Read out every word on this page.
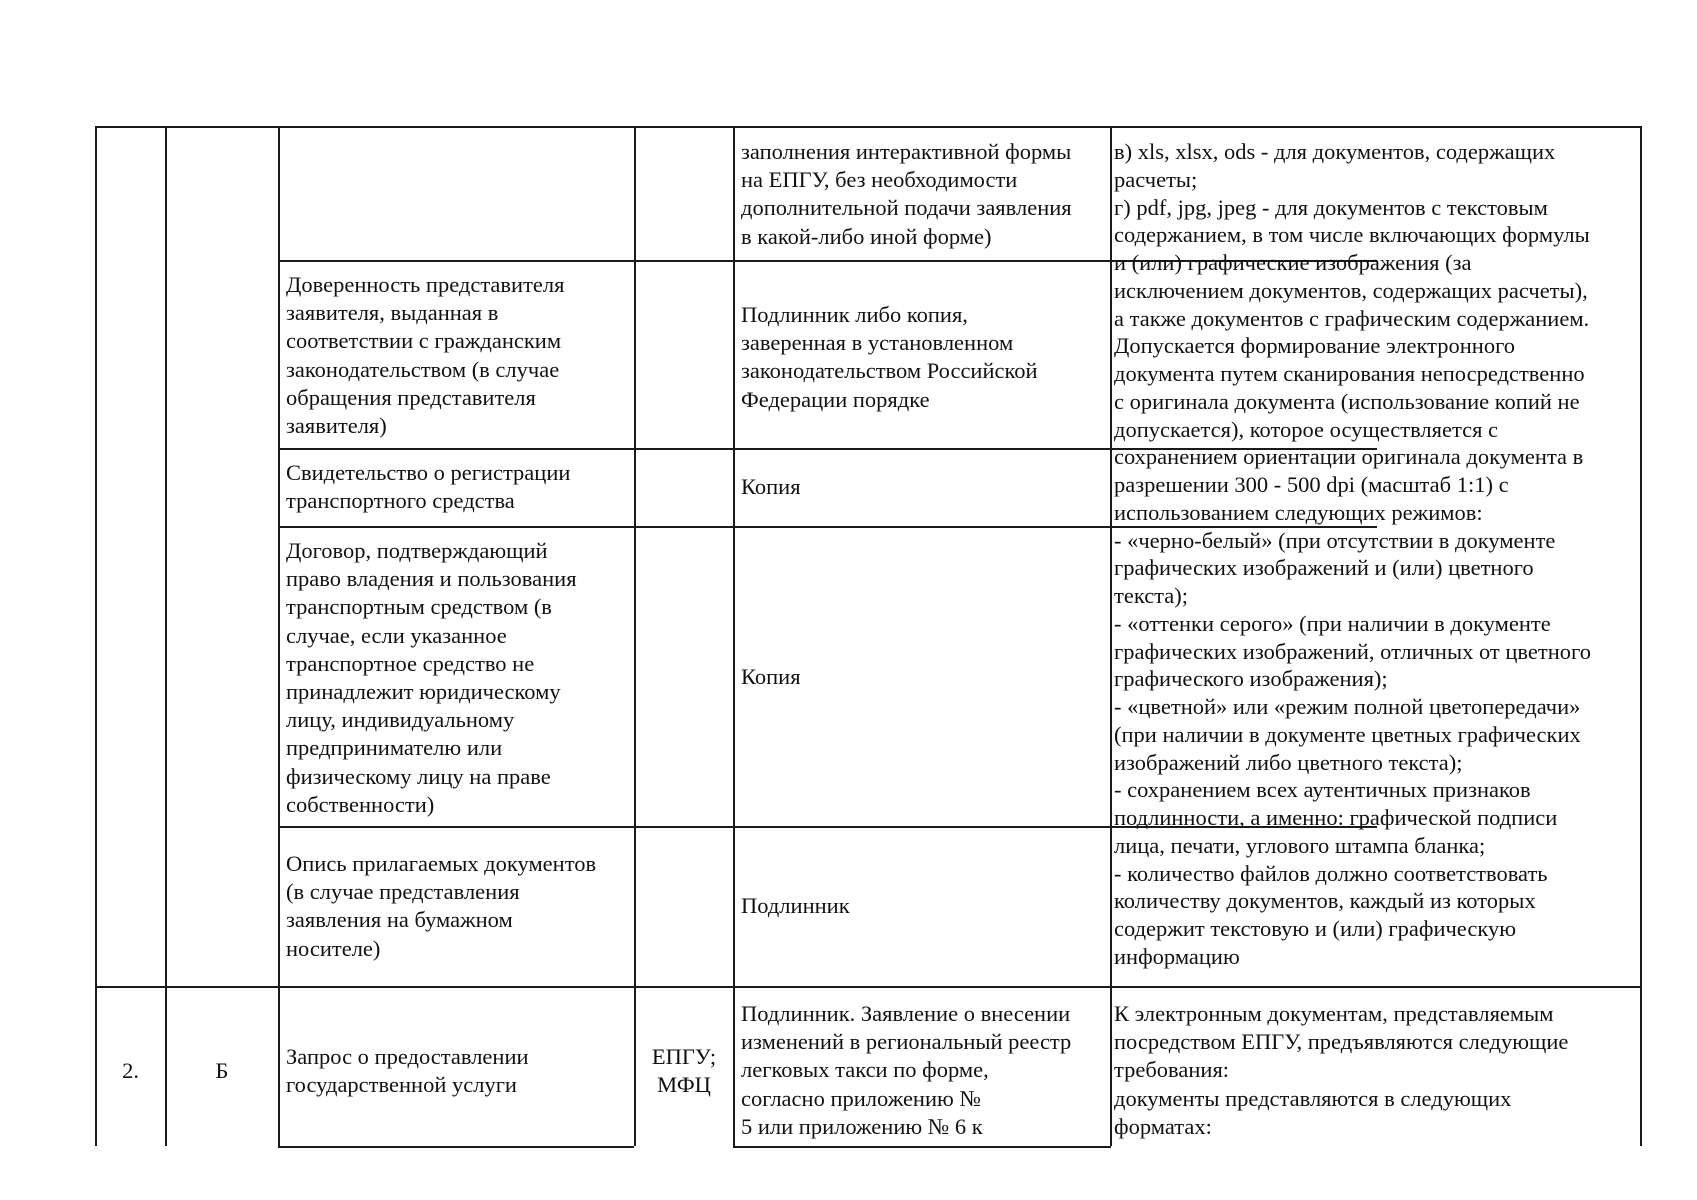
Доверенность представителя
заявителя, выданная в
соответствии с гражданским
законодательством (в случае
обращения представителя
заявителя)
Свидетельство о регистрации
транспортного средства
Договор, подтверждающий
право владения и пользования
транспортным средством (в
случае, если указанное
транспортное средство не
принадлежит юридическому
лицу, индивидуальному
предпринимателю или
физическому лицу на праве
собственности)
Опись прилагаемых документов
(в случае представления
заявления на бумажном
носителе)
заполнения интерактивной формы
на ЕПГУ, без необходимости
дополнительной подачи заявления
в какой-либо иной форме)
Подлинник либо копия,
заверенная в установленном
законодательством Российской
Федерации порядке
Копия
Копия
Подлинник
в) xls, xlsx, ods - для документов, содержащих
расчеты;
г) pdf, jpg, jpeg - для документов с текстовым
содержанием, в том числе включающих формулы
и (или) графические изображения (за
исключением документов, содержащих расчеты),
а также документов с графическим содержанием.
Допускается формирование электронного
документа путем сканирования непосредственно
с оригинала документа (использование копий не
допускается), которое осуществляется с
сохранением ориентации оригинала документа в
разрешении 300 - 500 dpi (масштаб 1:1) с
использованием следующих режимов:
- «черно-белый» (при отсутствии в документе
графических изображений и (или) цветного
текста);
- «оттенки серого» (при наличии в документе
графических изображений, отличных от цветного
графического изображения);
- «цветной» или «режим полной цветопередачи»
(при наличии в документе цветных графических
изображений либо цветного текста);
- сохранением всех аутентичных признаков
подлинности, а именно: графической подписи
лица, печати, углового штампа бланка;
- количество файлов должно соответствовать
количеству документов, каждый из которых
содержит текстовую и (или) графическую
информацию
2.	Б
Запрос о предоставлении
государственной услуги
ЕПГУ;
МФЦ
Подлинник. Заявление о внесении
изменений в региональный реестр
легковых такси по форме,
согласно приложению №
5 или приложению № 6 к
К электронным документам, представляемым
посредством ЕПГУ, предъявляются следующие
требования:
документы представляются в следующих
форматах:
